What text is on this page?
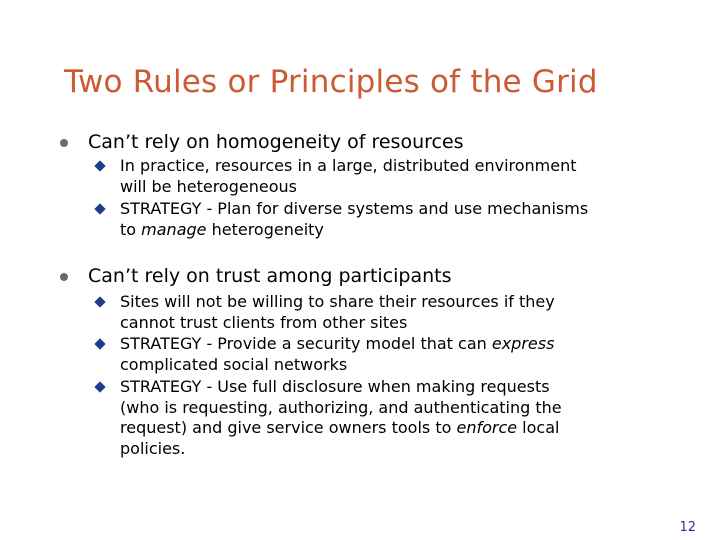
Two Rules or Principles of the Grid
Can’t rely on homogeneity of resources
In practice, resources in a large, distributed environment
will be heterogeneous
STRATEGY - Plan for diverse systems and use mechanisms
to manage heterogeneity
Can’t rely on trust among participants
Sites will not be willing to share their resources if they
cannot trust clients from other sites
STRATEGY - Provide a security model that can express
complicated social networks
STRATEGY - Use full disclosure when making requests
(who is requesting, authorizing, and authenticating the
request) and give service owners tools to enforce local
policies.
12
